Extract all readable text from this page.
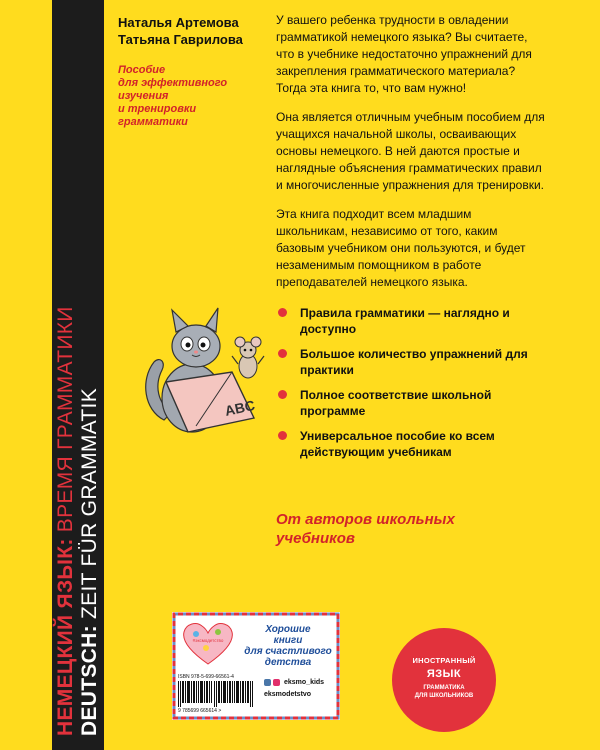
НЕМЕЦКИЙ ЯЗЫК: ВРЕМЯ ГРАММАТИКИ
DEUTSCH: ZEIT FÜR GRAMMATIK
Наталья Артемова
Татьяна Гаврилова
Пособие
для эффективного
изучения
и тренировки
грамматики

У вашего ребенка трудности в овладении грамматикой немецкого языка? Вы считаете, что в учебнике недостаточно упражнений для закрепления грамматического материала? Тогда эта книга то, что вам нужно!

Она является отличным учебным пособием для учащихся начальной школы, осваивающих основы немецкого. В ней даются простые и наглядные объяснения грамматических правил и многочисленные упражнения для тренировки.

Эта книга подходит всем младшим школьникам, независимо от того, каким базовым учебником они пользуются, и будет незаменимым помощником в работе преподавателей немецкого языка.

ABC
Правила грамматики — наглядно и доступно
Большое количество упражнений для практики
Полное соответствие школьной программе
Универсальное пособие ко всем действующим учебникам
От авторов школьных учебников
#эксмодетство
Хорошие
книги
для счастливого
детства
ISBN 978-5-699-66561-4
9 785699 665614 >
eksmo_kids
eksmodetstvo
ИНОСТРАННЫЙ
ЯЗЫК
ГРАММАТИКА
ДЛЯ ШКОЛЬНИКОВ
